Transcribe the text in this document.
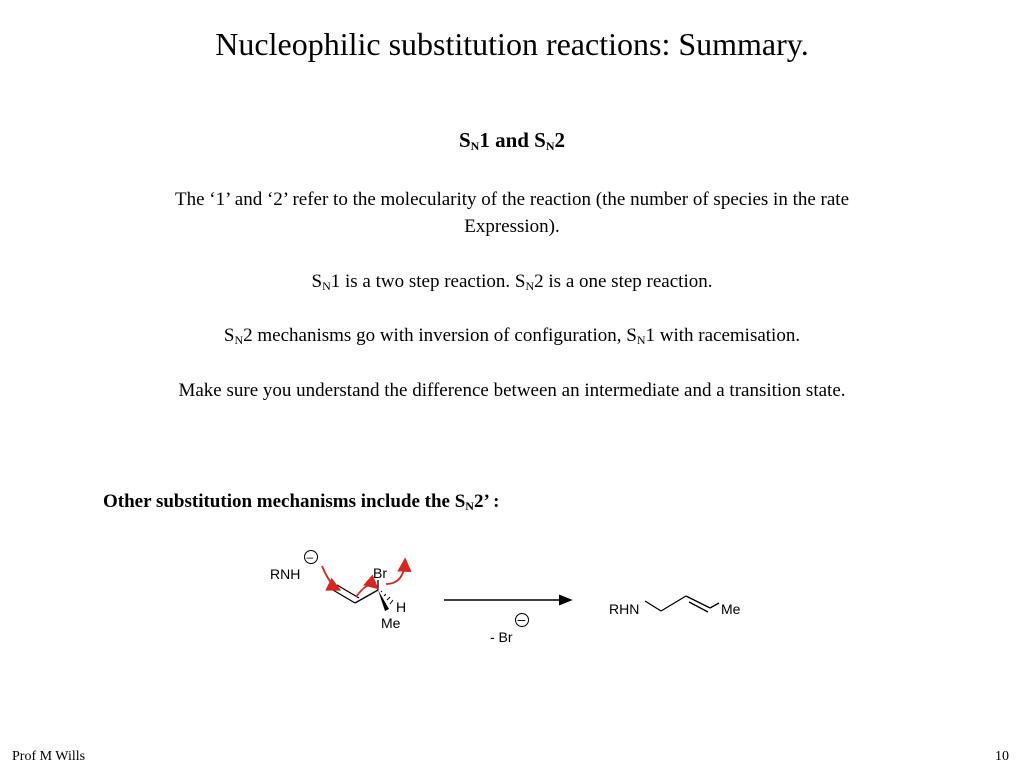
Nucleophilic substitution reactions: Summary.
$S_N1$ and $S_N2$
The ‘1’ and ‘2’ refer to the molecularity of the reaction (the number of species in the rate
Expression).
$S_N1$ is a two step reaction. $S_N2$ is a one step reaction.
$S_N2$ mechanisms go with inversion of configuration, $S_N1$ with racemisation.
Make sure you understand the difference between an intermediate and a transition state.
Other substitution mechanisms include the $S_N2$’ :
RNH
–
Br
Me
H
- Br
–
RHN	Me
Prof M Wills	10
